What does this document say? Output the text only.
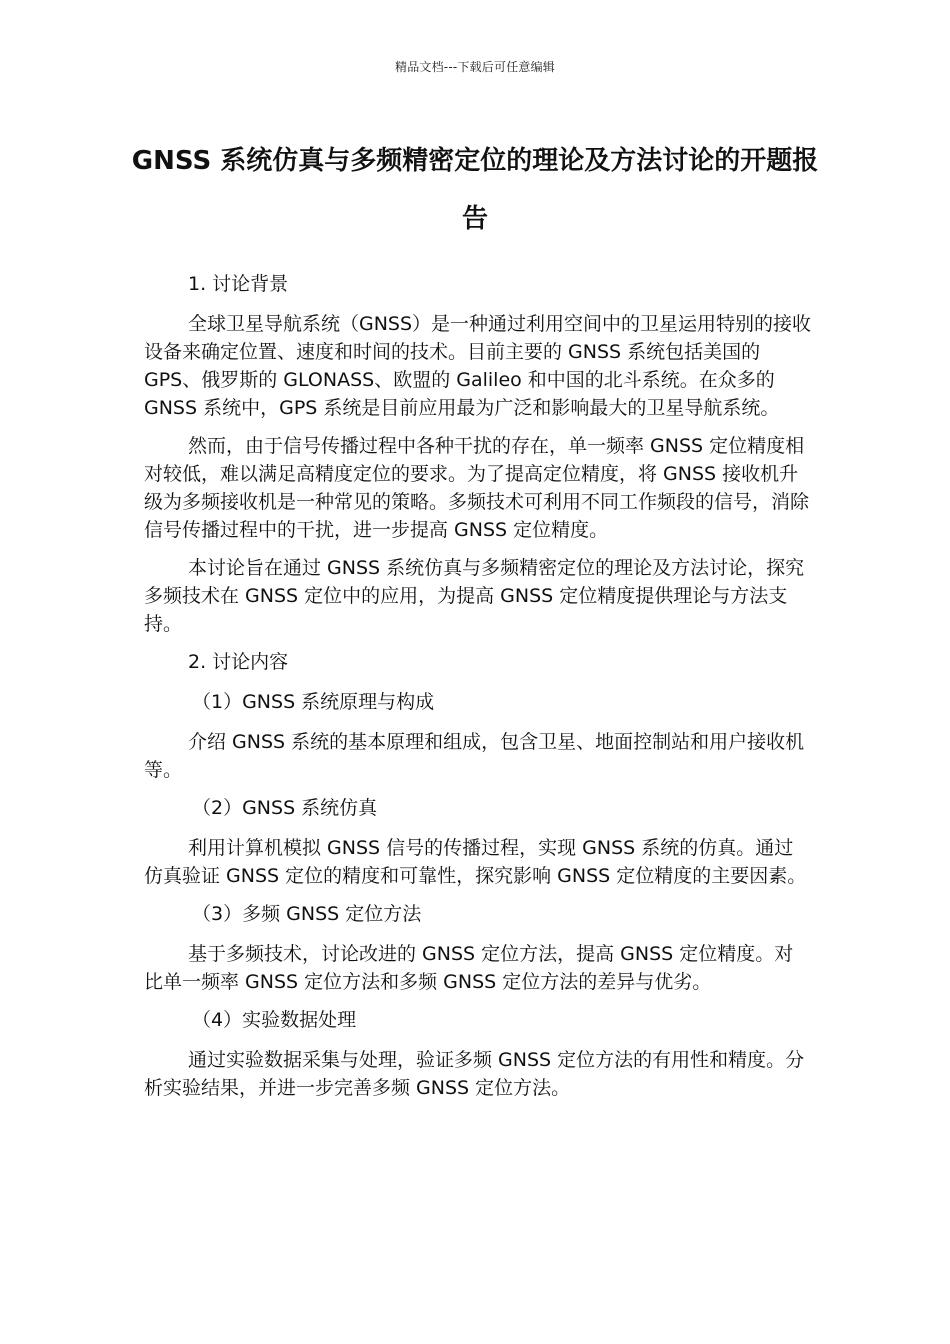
精品文档---下载后可任意编辑
GNSS 系统仿真与多频精密定位的理论及方法讨论的开题报告

1. 讨论背景

全球卫星导航系统（GNSS）是一种通过利用空间中的卫星运用特别的接收设备来确定位置、速度和时间的技术。目前主要的 GNSS 系统包括美国的 GPS、俄罗斯的 GLONASS、欧盟的 Galileo 和中国的北斗系统。在众多的 GNSS 系统中，GPS 系统是目前应用最为广泛和影响最大的卫星导航系统。

然而，由于信号传播过程中各种干扰的存在，单一频率 GNSS 定位精度相对较低，难以满足高精度定位的要求。为了提高定位精度，将 GNSS 接收机升级为多频接收机是一种常见的策略。多频技术可利用不同工作频段的信号，消除信号传播过程中的干扰，进一步提高 GNSS 定位精度。

本讨论旨在通过 GNSS 系统仿真与多频精密定位的理论及方法讨论，探究多频技术在 GNSS 定位中的应用，为提高 GNSS 定位精度提供理论与方法支持。

2. 讨论内容

（1）GNSS 系统原理与构成

介绍 GNSS 系统的基本原理和组成，包含卫星、地面控制站和用户接收机等。

（2）GNSS 系统仿真

利用计算机模拟 GNSS 信号的传播过程，实现 GNSS 系统的仿真。通过仿真验证 GNSS 定位的精度和可靠性，探究影响 GNSS 定位精度的主要因素。

（3）多频 GNSS 定位方法

基于多频技术，讨论改进的 GNSS 定位方法，提高 GNSS 定位精度。对比单一频率 GNSS 定位方法和多频 GNSS 定位方法的差异与优劣。

（4）实验数据处理

通过实验数据采集与处理，验证多频 GNSS 定位方法的有用性和精度。分析实验结果，并进一步完善多频 GNSS 定位方法。
